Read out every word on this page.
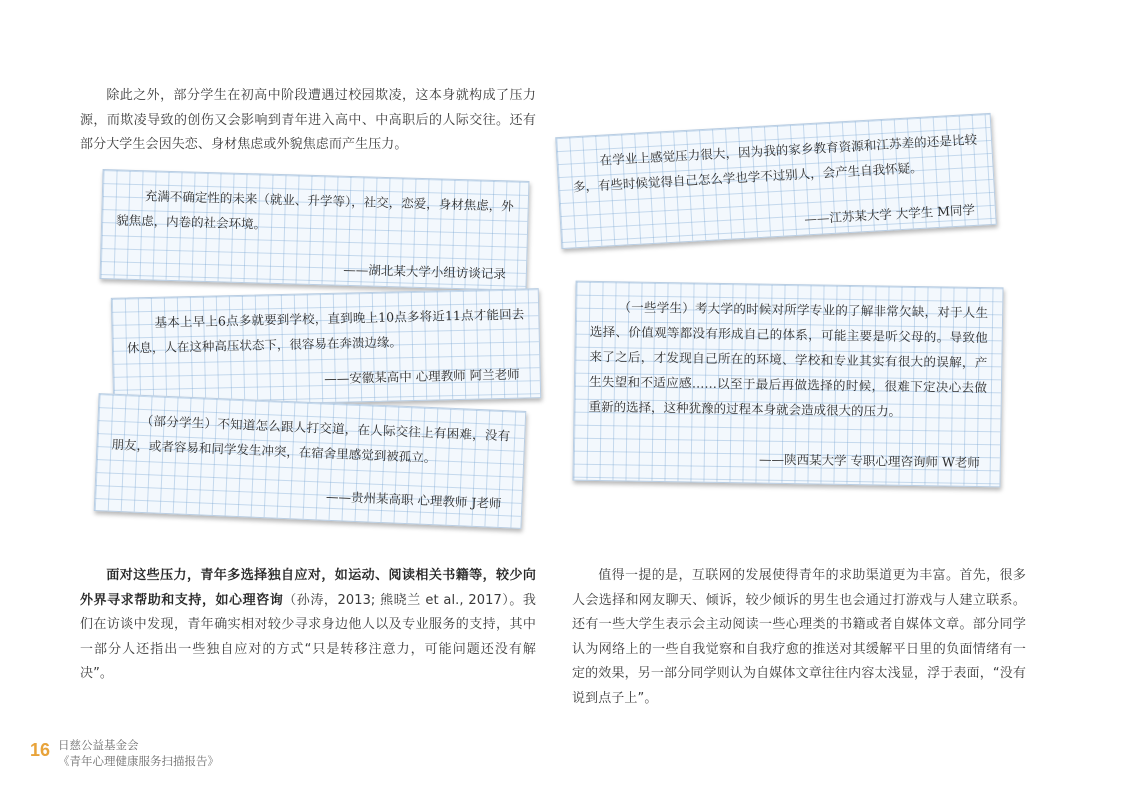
除此之外，部分学生在初高中阶段遭遇过校园欺凌，这本身就构成了压力源，而欺凌导致的创伤又会影响到青年进入高中、中高职后的人际交往。还有部分大学生会因失恋、身材焦虑或外貌焦虑而产生压力。

充满不确定性的未来（就业、升学等），社交，恋爱，身材焦虑，外貌焦虑，内卷的社会环境。

——湖北某大学小组访谈记录

基本上早上6点多就要到学校，直到晚上10点多将近11点才能回去休息，人在这种高压状态下，很容易在奔溃边缘。

——安徽某高中 心理教师 阿兰老师

（部分学生）不知道怎么跟人打交道，在人际交往上有困难，没有朋友，或者容易和同学发生冲突，在宿舍里感觉到被孤立。

——贵州某高职 心理教师 J老师

在学业上感觉压力很大，因为我的家乡教育资源和江苏差的还是比较多，有些时候觉得自己怎么学也学不过别人，会产生自我怀疑。

——江苏某大学 大学生 M同学

（一些学生）考大学的时候对所学专业的了解非常欠缺，对于人生选择、价值观等都没有形成自己的体系，可能主要是听父母的。导致他来了之后，才发现自己所在的环境、学校和专业其实有很大的误解，产生失望和不适应感……以至于最后再做选择的时候，很难下定决心去做重新的选择，这种犹豫的过程本身就会造成很大的压力。

——陕西某大学 专职心理咨询师 W老师

面对这些压力，青年多选择独自应对，如运动、阅读相关书籍等，较少向外界寻求帮助和支持，如心理咨询（孙涛，2013; 熊晓兰 et al., 2017）。我们在访谈中发现，青年确实相对较少寻求身边他人以及专业服务的支持，其中一部分人还指出一些独自应对的方式“只是转移注意力，可能问题还没有解决”。

值得一提的是，互联网的发展使得青年的求助渠道更为丰富。首先，很多人会选择和网友聊天、倾诉，较少倾诉的男生也会通过打游戏与人建立联系。还有一些大学生表示会主动阅读一些心理类的书籍或者自媒体文章。部分同学认为网络上的一些自我觉察和自我疗愈的推送对其缓解平日里的负面情绪有一定的效果，另一部分同学则认为自媒体文章往往内容太浅显，浮于表面，“没有说到点子上”。

16 日慈公益基金会
《青年心理健康服务扫描报告》
